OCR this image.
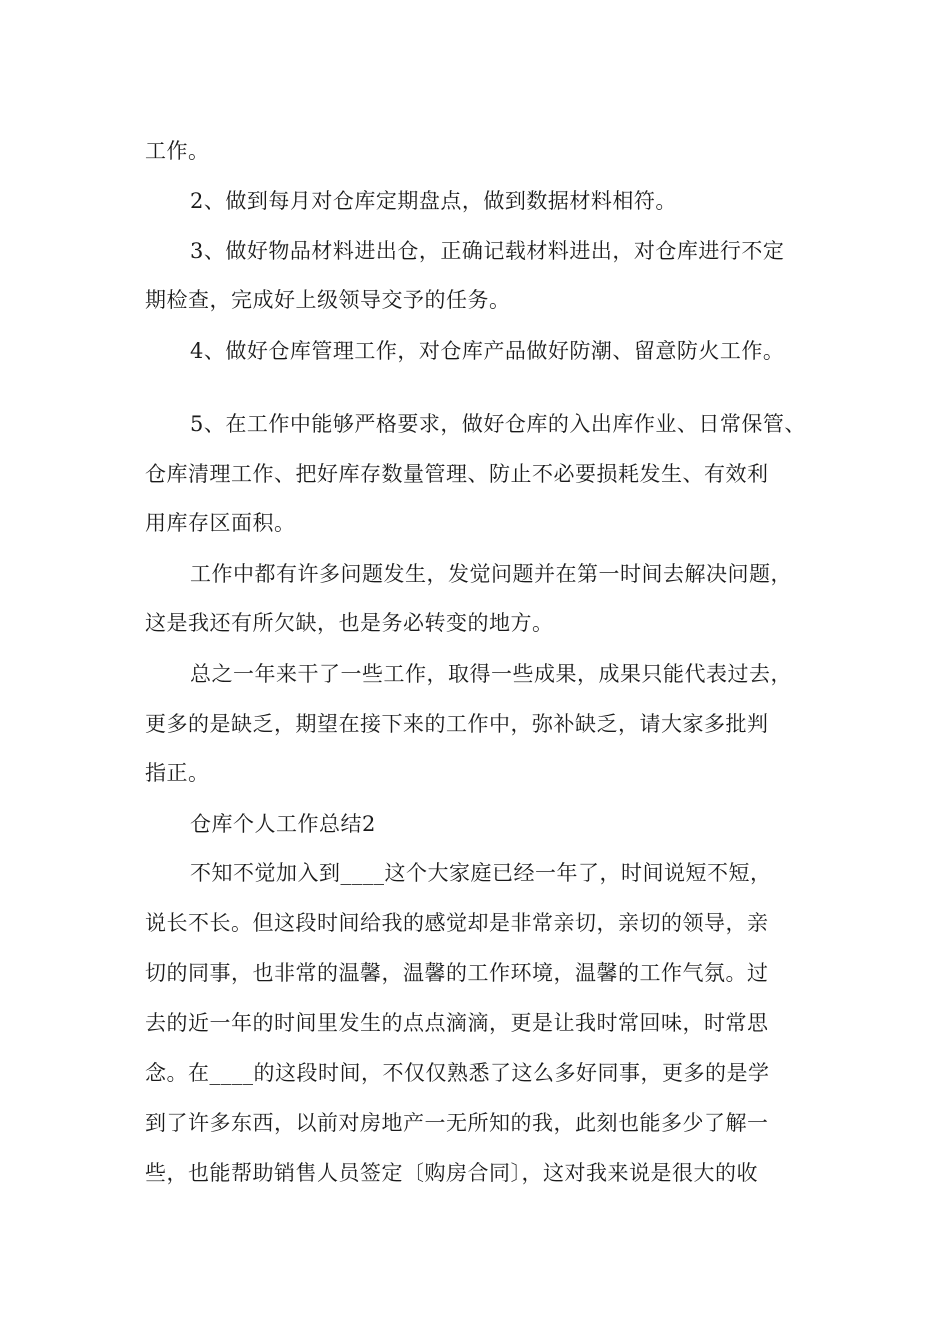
工作。
2、做到每月对仓库定期盘点，做到数据材料相符。
3、做好物品材料进出仓，正确记载材料进出，对仓库进行不定
期检查，完成好上级领导交予的任务。
4、做好仓库管理工作，对仓库产品做好防潮、留意防火工作。
5、在工作中能够严格要求，做好仓库的入出库作业、日常保管、
仓库清理工作、把好库存数量管理、防止不必要损耗发生、有效利
用库存区面积。
工作中都有许多问题发生，发觉问题并在第一时间去解决问题，
这是我还有所欠缺，也是务必转变的地方。
总之一年来干了一些工作，取得一些成果，成果只能代表过去，
更多的是缺乏，期望在接下来的工作中，弥补缺乏，请大家多批判
指正。
仓库个人工作总结2
不知不觉加入到____这个大家庭已经一年了，时间说短不短，
说长不长。但这段时间给我的感觉却是非常亲切，亲切的领导，亲
切的同事，也非常的温馨，温馨的工作环境，温馨的工作气氛。过
去的近一年的时间里发生的点点滴滴，更是让我时常回味，时常思
念。在____的这段时间，不仅仅熟悉了这么多好同事，更多的是学
到了许多东西，以前对房地产一无所知的我，此刻也能多少了解一
些，也能帮助销售人员签定〔购房合同〕，这对我来说是很大的收
